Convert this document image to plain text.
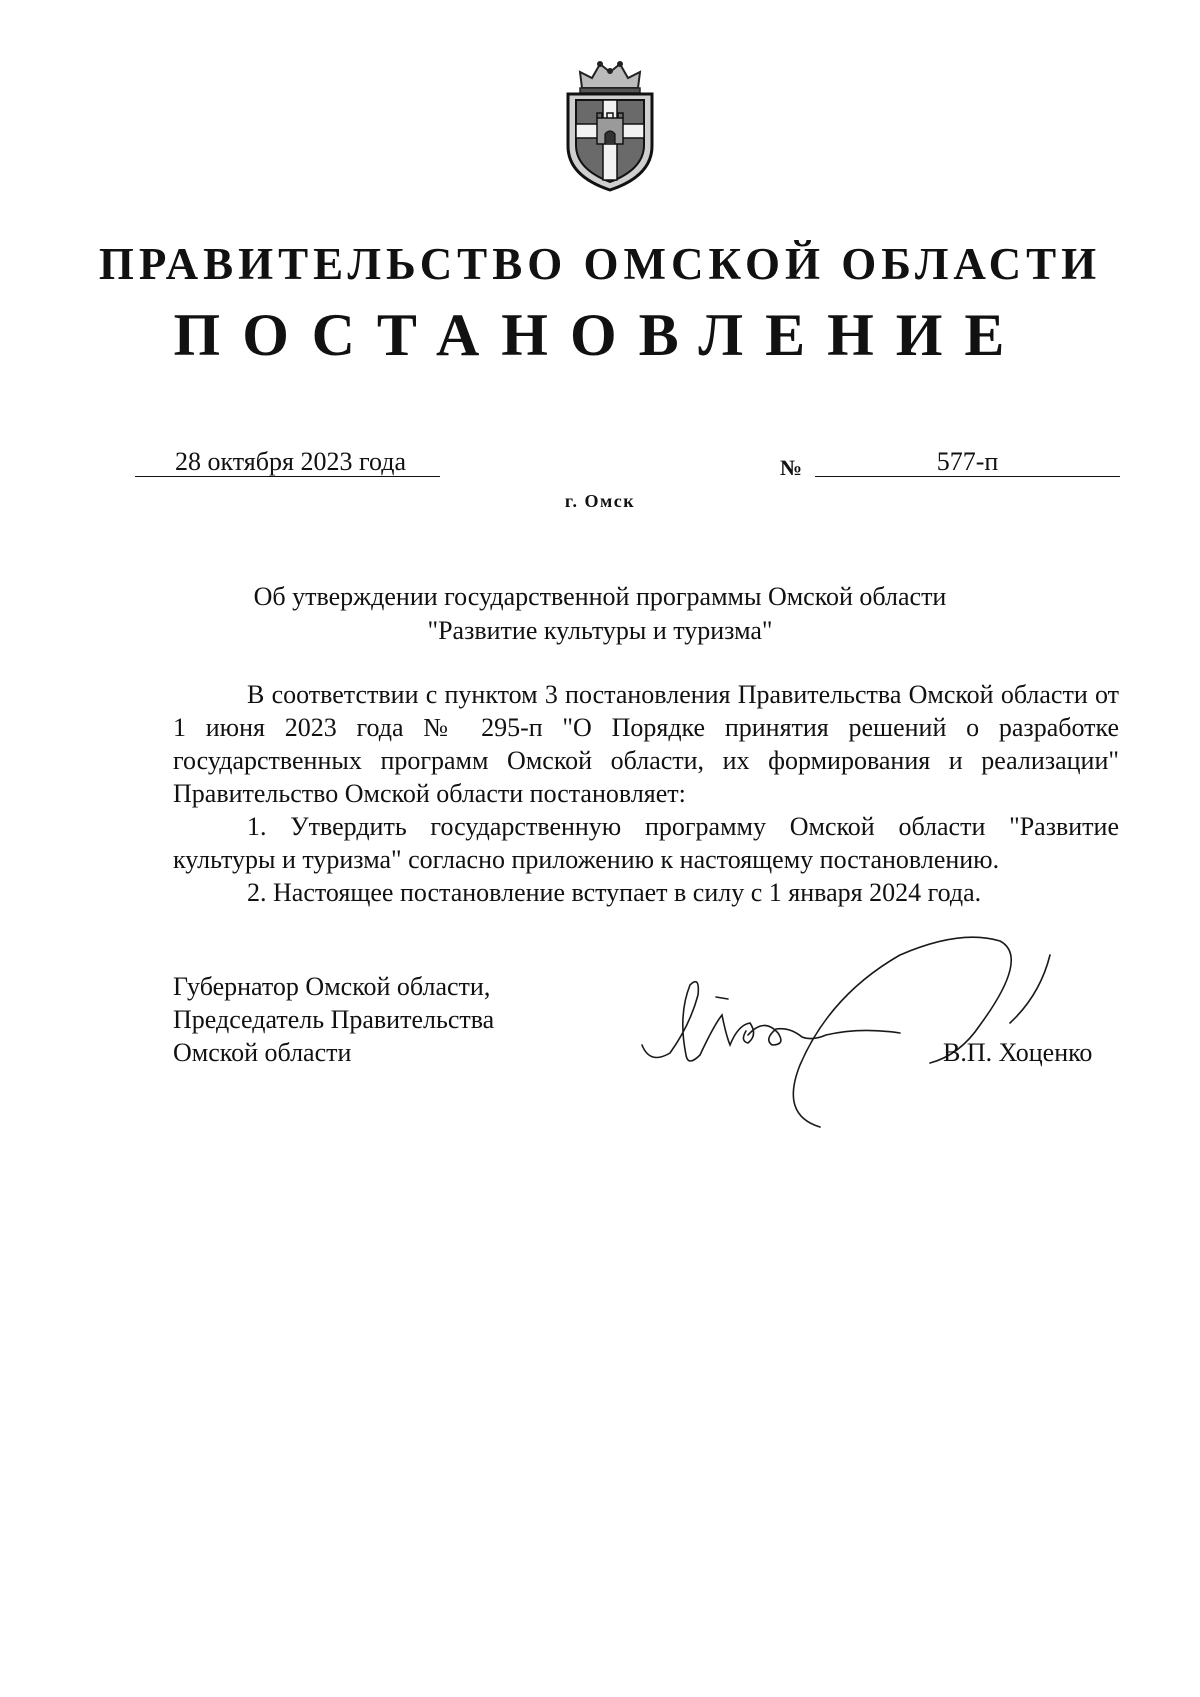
ПРАВИТЕЛЬСТВО ОМСКОЙ ОБЛАСТИ
ПОСТАНОВЛЕНИЕ
28 октября 2023 года	№	577-п
г. Омск
Об утверждении государственной программы Омской области
"Развитие культуры и туризма"

В соответствии с пунктом 3 постановления Правительства Омской области от 1 июня 2023 года № 295-п "О Порядке принятия решений о разработке государственных программ Омской области, их формирования и реализации" Правительство Омской области постановляет:

1. Утвердить государственную программу Омской области "Развитие культуры и туризма" согласно приложению к настоящему постановлению.

2. Настоящее постановление вступает в силу с 1 января 2024 года.

Губернатор Омской области,
Председатель Правительства
Омской области	В.П. Хоценко
